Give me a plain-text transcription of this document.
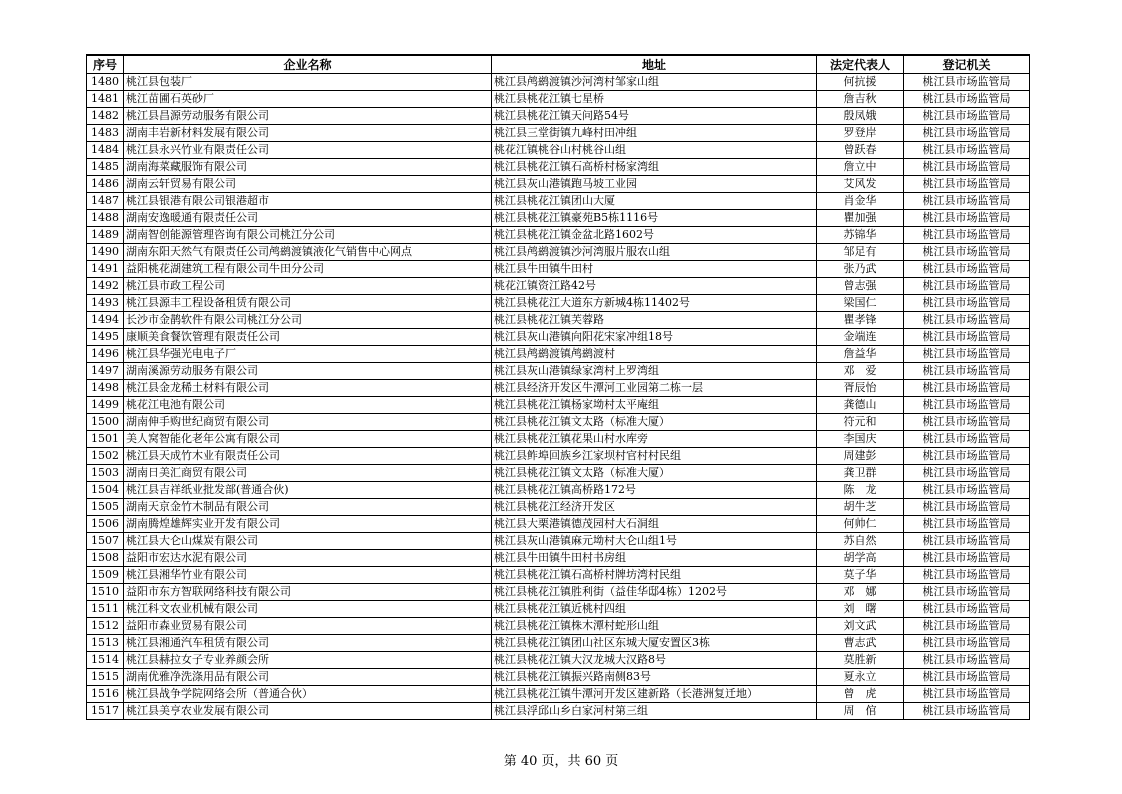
序号	企业名称	地址	法定代表人	登记机关
1480	桃江县包装厂	桃江县鸬鹚渡镇沙河湾村邹家山组	何抗援	桃江县市场监管局
1481	桃江苗圃石英砂厂	桃江县桃花江镇七星桥	詹吉秋	桃江县市场监管局
1482	桃江县昌源劳动服务有限公司	桃江县桃花江镇天问路54号	殷凤娥	桃江县市场监管局
1483	湖南丰岩新材料发展有限公司	桃江县三堂街镇九峰村田冲组	罗登岸	桃江县市场监管局
1484	桃江县永兴竹业有限责任公司	桃花江镇桃谷山村桃谷山组	曾跃春	桃江县市场监管局
1485	湖南海菜藏服饰有限公司	桃江县桃花江镇石高桥村杨家湾组	詹立中	桃江县市场监管局
1486	湖南云轩贸易有限公司	桃江县灰山港镇跑马坡工业园	艾风发	桃江县市场监管局
1487	桃江县银港有限公司银港超市	桃江县桃花江镇团山大厦	肖金华	桃江县市场监管局
1488	湖南安逸暖通有限责任公司	桃江县桃花江镇豪苑B5栋1116号	瞿加强	桃江县市场监管局
1489	湖南智创能源管理咨询有限公司桃江分公司	桃江县桃花江镇金盆北路1602号	苏锦华	桃江县市场监管局
1490	湖南东阳天然气有限责任公司鸬鹚渡镇液化气销售中心网点	桃江县鸬鹚渡镇沙河湾服片服农山组	邹足有	桃江县市场监管局
1491	益阳桃花湖建筑工程有限公司牛田分公司	桃江县牛田镇牛田村	张乃武	桃江县市场监管局
1492	桃江县市政工程公司	桃花江镇资江路42号	曾志强	桃江县市场监管局
1493	桃江县源丰工程设备租赁有限公司	桃江县桃花江大道东方新城4栋11402号	梁国仁	桃江县市场监管局
1494	长沙市金鹊软件有限公司桃江分公司	桃江县桃花江镇芙蓉路	瞿孝锋	桃江县市场监管局
1495	康顺美食餐饮管理有限责任公司	桃江县灰山港镇向阳花宋家冲组18号	金端连	桃江县市场监管局
1496	桃江县华强光电电子厂	桃江县鸬鹚渡镇鸬鹚渡村	詹益华	桃江县市场监管局
1497	湖南溪源劳动服务有限公司	桃江县灰山港镇绿家湾村上罗湾组	邓　爱	桃江县市场监管局
1498	桃江县金龙稀土材料有限公司	桃江县经济开发区牛潭河工业园第二栋一层	胥辰怡	桃江县市场监管局
1499	桃花江电池有限公司	桃江县桃花江镇杨家坳村太平庵组	龚德山	桃江县市场监管局
1500	湖南伸手购世纪商贸有限公司	桃江县桃花江镇文太路（标准大厦）	符元和	桃江县市场监管局
1501	美人窝智能化老年公寓有限公司	桃江县桃花江镇花果山村水库旁	李国庆	桃江县市场监管局
1502	桃江县天成竹木业有限责任公司	桃江县鲊埠回族乡江家坝村官村村民组	周建彭	桃江县市场监管局
1503	湖南日美汇商贸有限公司	桃江县桃花江镇文太路（标准大厦）	龚卫群	桃江县市场监管局
1504	桃江县吉祥纸业批发部(普通合伙)	桃江县桃花江镇高桥路172号	陈　龙	桃江县市场监管局
1505	湖南天京金竹木制品有限公司	桃江县桃花江经济开发区	胡牛芝	桃江县市场监管局
1506	湖南腾煌雄辉实业开发有限公司	桃江县大栗港镇德茂园村大石洞组	何帅仁	桃江县市场监管局
1507	桃江县大仑山煤炭有限公司	桃江县灰山港镇麻元坳村大仑山组1号	苏自然	桃江县市场监管局
1508	益阳市宏达水泥有限公司	桃江县牛田镇牛田村书房组	胡学高	桃江县市场监管局
1509	桃江县湘华竹业有限公司	桃江县桃花江镇石高桥村牌坊湾村民组	莫子华	桃江县市场监管局
1510	益阳市东方智联网络科技有限公司	桃江县桃花江镇胜利街（益佳华邸4栋）1202号	邓　娜	桃江县市场监管局
1511	桃江科文农业机械有限公司	桃江县桃花江镇近桃村四组	刘　曙	桃江县市场监管局
1512	益阳市森业贸易有限公司	桃江县桃花江镇株木潭村蛇形山组	刘文武	桃江县市场监管局
1513	桃江县湘通汽车租赁有限公司	桃江县桃花江镇团山社区东城大厦安置区3栋	曹志武	桃江县市场监管局
1514	桃江县赫拉女子专业养颜会所	桃江县桃花江镇大汉龙城大汉路8号	莫胜新	桃江县市场监管局
1515	湖南优雅净洗涤用品有限公司	桃江县桃花江镇振兴路南侧83号	夏永立	桃江县市场监管局
1516	桃江县战争学院网络会所（普通合伙）	桃江县桃花江镇牛潭河开发区建新路（长港洲复迁地）	曾　虎	桃江县市场监管局
1517	桃江县美亨农业发展有限公司	桃江县浮邱山乡白家河村第三组	周　倌	桃江县市场监管局
第 40 页，共 60 页
